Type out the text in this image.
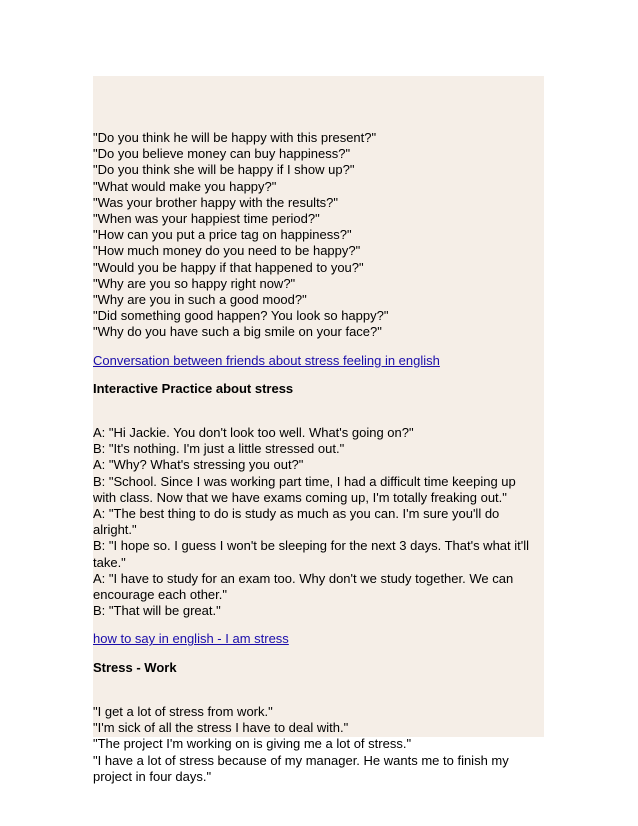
"Do you think he will be happy with this present?"
"Do you believe money can buy happiness?"
"Do you think she will be happy if I show up?"
"What would make you happy?"
"Was your brother happy with the results?"
"When was your happiest time period?"
"How can you put a price tag on happiness?"
"How much money do you need to be happy?"
"Would you be happy if that happened to you?"
"Why are you so happy right now?"
"Why are you in such a good mood?"
"Did something good happen? You look so happy?"
"Why do you have such a big smile on your face?"
Conversation between friends about stress feeling in english
Interactive Practice about stress
A: "Hi Jackie. You don't look too well. What's going on?"
B: "It's nothing. I'm just a little stressed out."
A: "Why? What's stressing you out?"
B: "School. Since I was working part time, I had a difficult time keeping up with class. Now that we have exams coming up, I'm totally freaking out."
A: "The best thing to do is study as much as you can. I'm sure you'll do alright."
B: "I hope so. I guess I won't be sleeping for the next 3 days. That's what it'll take."
A: "I have to study for an exam too. Why don't we study together. We can encourage each other."
B: "That will be great."
how to say in english - I am stress
Stress - Work
"I get a lot of stress from work."
"I'm sick of all the stress I have to deal with."
"The project I'm working on is giving me a lot of stress."
"I have a lot of stress because of my manager. He wants me to finish my project in four days."
